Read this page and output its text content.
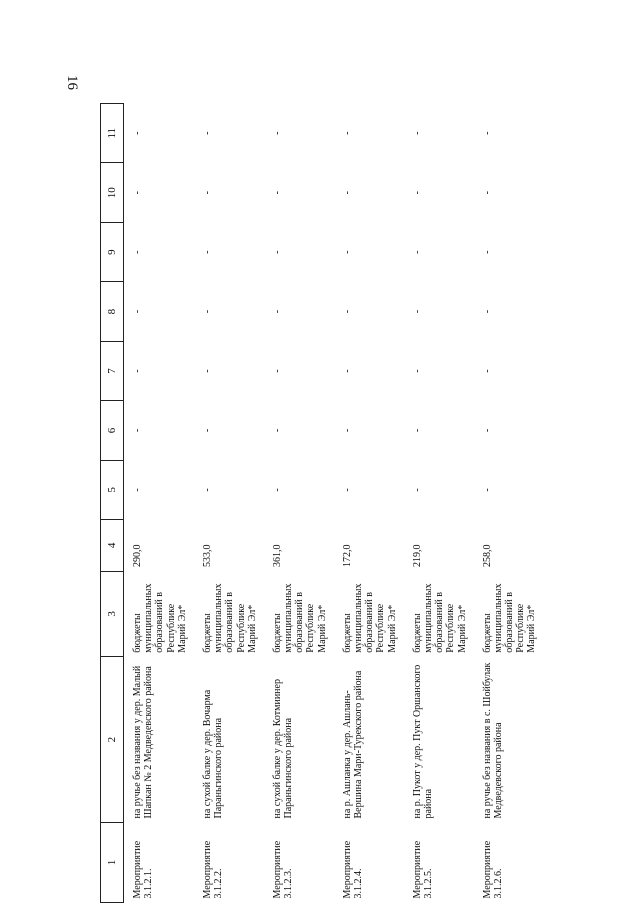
16
1	2	3	4	5	6	7	8	9	10	11
Мероприятие 3.1.2.1.	на ручье без названия у дер. Малый Шапкан № 2 Медведевского района	бюджеты муниципальных образований в Республике Марий Эл*	290,0	-	-	-	-	-	-	-
Мероприятие 3.1.2.2.	на сухой балке у дер. Вочарма Параньгинского района	бюджеты муниципальных образований в Республике Марий Эл*	533,0	-	-	-	-	-	-	-
Мероприятие 3.1.2.3.	на сухой балке у дер. Котмиинер Параньгинского района	бюджеты муниципальных образований в Республике Марий Эл*	361,0	-	-	-	-	-	-	-
Мероприятие 3.1.2.4.	на р. Ашланка у дер. Ашлань-Вершина Мари-Турекского района	бюджеты муниципальных образований в Республике Марий Эл*	172,0	-	-	-	-	-	-	-
Мероприятие 3.1.2.5.	на р. Пукот у дер. Пукт Оршанского района	бюджеты муниципальных образований в Республике Марий Эл*	219,0	-	-	-	-	-	-	-
Мероприятие 3.1.2.6.	на ручье без названия в с. Шойбулак Медведевского района	бюджеты муниципальных образований в Республике Марий Эл*	258,0	-	-	-	-	-	-	-
